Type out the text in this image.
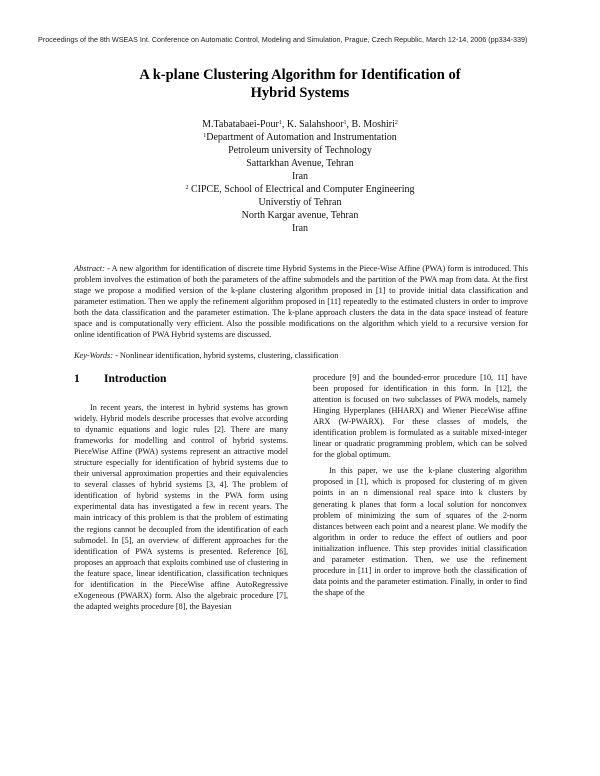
Proceedings of the 8th WSEAS Int. Conference on Automatic Control, Modeling and Simulation, Prague, Czech Republic, March 12-14, 2006 (pp334-339)
A k-plane Clustering Algorithm for Identification of
Hybrid Systems
M.Tabatabaei-Pour$^1$, K. Salahshoor$^1$, B. Moshiri$^2$
$^1$Department of Automation and Instrumentation
Petroleum university of Technology
Sattarkhan Avenue, Tehran
Iran
$^2$ CIPCE, School of Electrical and Computer Engineering
Universtiy of Tehran
North Kargar avenue, Tehran
Iran
Abstract: - A new algorithm for identification of discrete time Hybrid Systems in the Piece-Wise Affine (PWA) form is introduced. This problem involves the estimation of both the parameters of the affine submodels and the partition of the PWA map from data. At the first stage we propose a modified version of the k-plane clustering algorithm proposed in [1] to provide initial data classification and parameter estimation. Then we apply the refinement algorithm proposed in [11] repeatedly to the estimated clusters in order to improve both the data classification and the parameter estimation. The k-plane approach clusters the data in the data space instead of feature space and is computationally very efficient. Also the possible modifications on the algorithm which yield to a recursive version for online identification of PWA Hybrid systems are discussed.
Key-Words: - Nonlinear identification, hybrid systems, clustering, classification
1 Introduction

In recent years, the interest in hybrid systems has grown widely. Hybrid models describe processes that evolve according to dynamic equations and logic rules [2]. There are many frameworks for modelling and control of hybrid systems. PieceWise Affine (PWA) systems represent an attractive model structure especially for identification of hybrid systems due to their universal approximation properties and their equivalencies to several classes of hybrid systems [3, 4]. The problem of identification of hybrid systems in the PWA form using experimental data has investigated a few in recent years. The main intricacy of this problem is that the problem of estimating the regions cannot be decoupled from the identification of each submodel. In [5], an overview of different approaches for the identification of PWA systems is presented. Reference [6], proposes an approach that exploits combined use of clustering in the feature space, linear identification, classification techniques for identification in the PieceWise affine AutoRegressive eXogeneous (PWARX) form. Also the algebraic procedure [7], the adapted weights procedure [8], the Bayesian

procedure [9] and the bounded-error procedure [10, 11] have been proposed for identification in this form. In [12], the attention is focused on two subclasses of PWA models, namely Hinging Hyperplanes (HHARX) and Wiener PieceWise affine ARX (W-PWARX). For these classes of models, the identification problem is formulated as a suitable mixed-integer linear or quadratic programming problem, which can be solved for the global optimum.

In this paper, we use the k-plane clustering algorithm proposed in [1], which is proposed for clustering of m given points in an n dimensional real space into k clusters by generating k planes that form a local solution for nonconvex problem of minimizing the sum of squares of the 2-norm distances between each point and a nearest plane. We modify the algorithm in order to reduce the effect of outliers and poor initialization influence. This step provides initial classification and parameter estimation. Then, we use the refinement procedure in [11] in order to improve both the classification of data points and the parameter estimation. Finally, in order to find the shape of the
